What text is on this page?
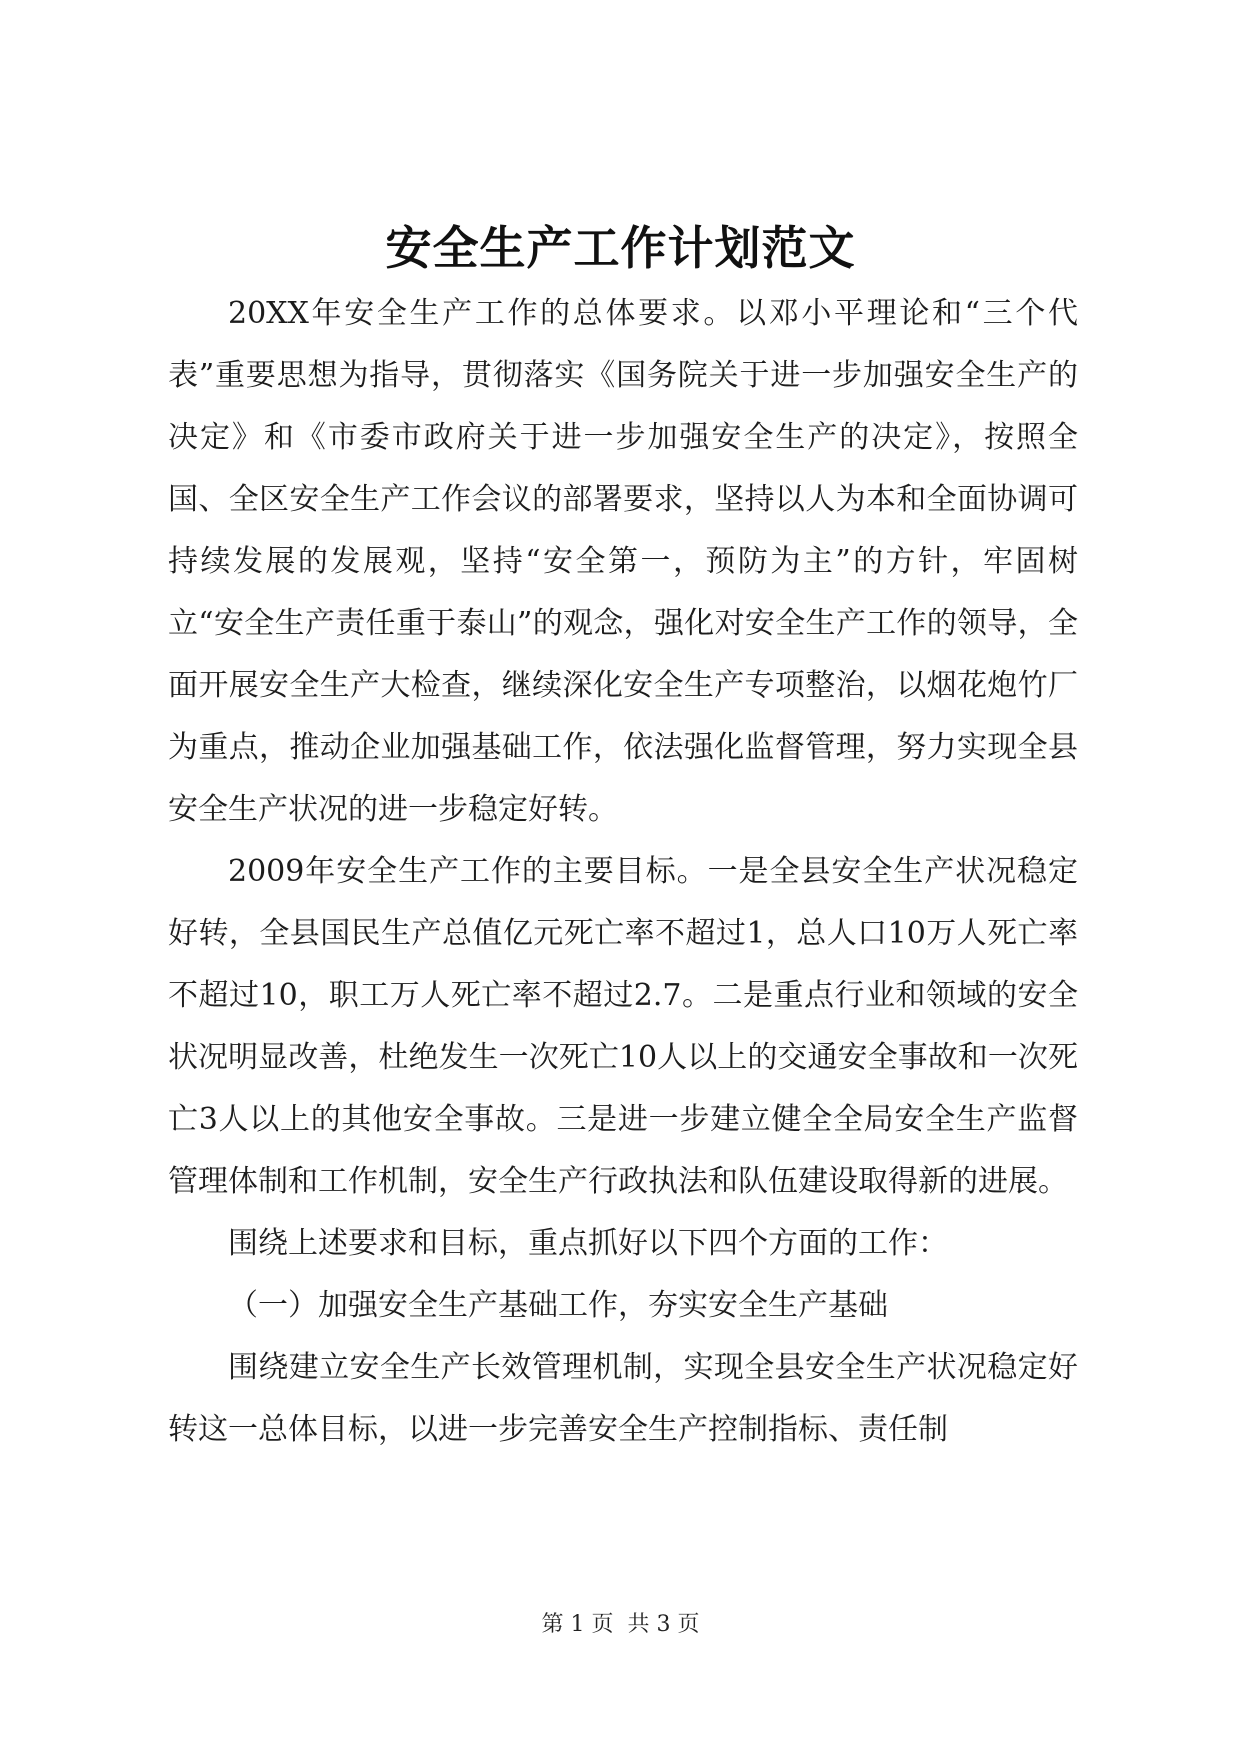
安全生产工作计划范文

20XX年安全生产工作的总体要求。以邓小平理论和“三个代表”重要思想为指导，贯彻落实《国务院关于进一步加强安全生产的决定》和《市委市政府关于进一步加强安全生产的决定》，按照全国、全区安全生产工作会议的部署要求，坚持以人为本和全面协调可持续发展的发展观，坚持“安全第一，预防为主”的方针，牢固树立“安全生产责任重于泰山”的观念，强化对安全生产工作的领导，全面开展安全生产大检查，继续深化安全生产专项整治，以烟花炮竹厂为重点，推动企业加强基础工作，依法强化监督管理，努力实现全县安全生产状况的进一步稳定好转。

2009年安全生产工作的主要目标。一是全县安全生产状况稳定好转，全县国民生产总值亿元死亡率不超过1，总人口10万人死亡率不超过10，职工万人死亡率不超过2.7。二是重点行业和领域的安全状况明显改善，杜绝发生一次死亡10人以上的交通安全事故和一次死亡3人以上的其他安全事故。三是进一步建立健全全局安全生产监督管理体制和工作机制，安全生产行政执法和队伍建设取得新的进展。

围绕上述要求和目标，重点抓好以下四个方面的工作：

（一）加强安全生产基础工作，夯实安全生产基础

围绕建立安全生产长效管理机制，实现全县安全生产状况稳定好转这一总体目标，以进一步完善安全生产控制指标、责任制

第 1 页  共 3 页
